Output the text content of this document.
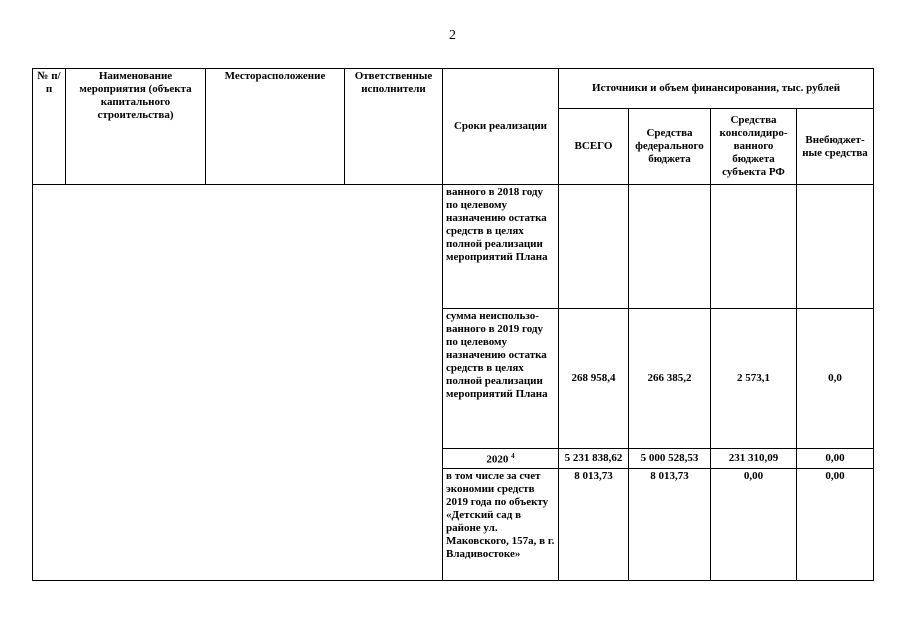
2
№ п/п	Наименование мероприятия (объекта капитального строительства)	Месторасположение	Ответственные исполнители	Сроки реализации	Источники и объем финансирования, тыс. рублей			
					ВСЕГО	Средства федерального бюджета	Средства консолидиро-ванного бюджета субъекта РФ	Внебюджет-ные средства
				ванного в 2018 году по целевому назначению остатка средств в целях полной реализации мероприятий Плана				
				сумма неиспользо-ванного в 2019 году по целевому назначению остатка средств в целях полной реализации мероприятий Плана	268 958,4	266 385,2	2 573,1	0,0
				2020 $^4$	5 231 838,62	5 000 528,53	231 310,09	0,00
				в том числе за счет экономии средств 2019 года по объекту «Детский сад в районе ул. Маковского, 157а, в г. Владивостоке»	8 013,73	8 013,73	0,00	0,00
